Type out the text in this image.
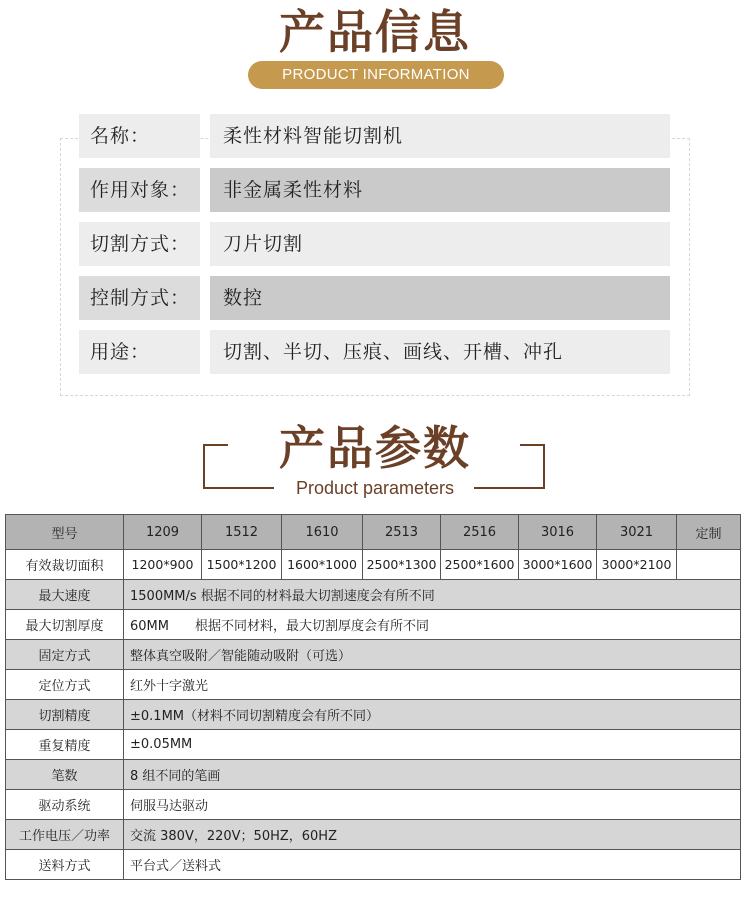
产品信息
PRODUCT INFORMATION
名称：	柔性材料智能切割机
作用对象：	非金属柔性材料
切割方式：	刀片切割
控制方式：	数控
用途：	切割、半切、压痕、画线、开槽、冲孔
产品参数
Product parameters
型号	1209	1512	1610	2513	2516	3016	3021	定制
有效裁切面积	1200*900	1500*1200	1600*1000	2500*1300	2500*1600	3000*1600	3000*2100	
最大速度	1500MM/s 根据不同的材料最大切割速度会有所不同							
最大切割厚度	60MM　　根据不同材料，最大切割厚度会有所不同							
固定方式	整体真空吸附／智能随动吸附（可选）							
定位方式	红外十字激光							
切割精度	±0.1MM（材料不同切割精度会有所不同）							
重复精度	±0.05MM							
笔数	8 组不同的笔画							
驱动系统	伺服马达驱动							
工作电压／功率	交流 380V，220V；50HZ，60HZ							
送料方式	平台式／送料式							
